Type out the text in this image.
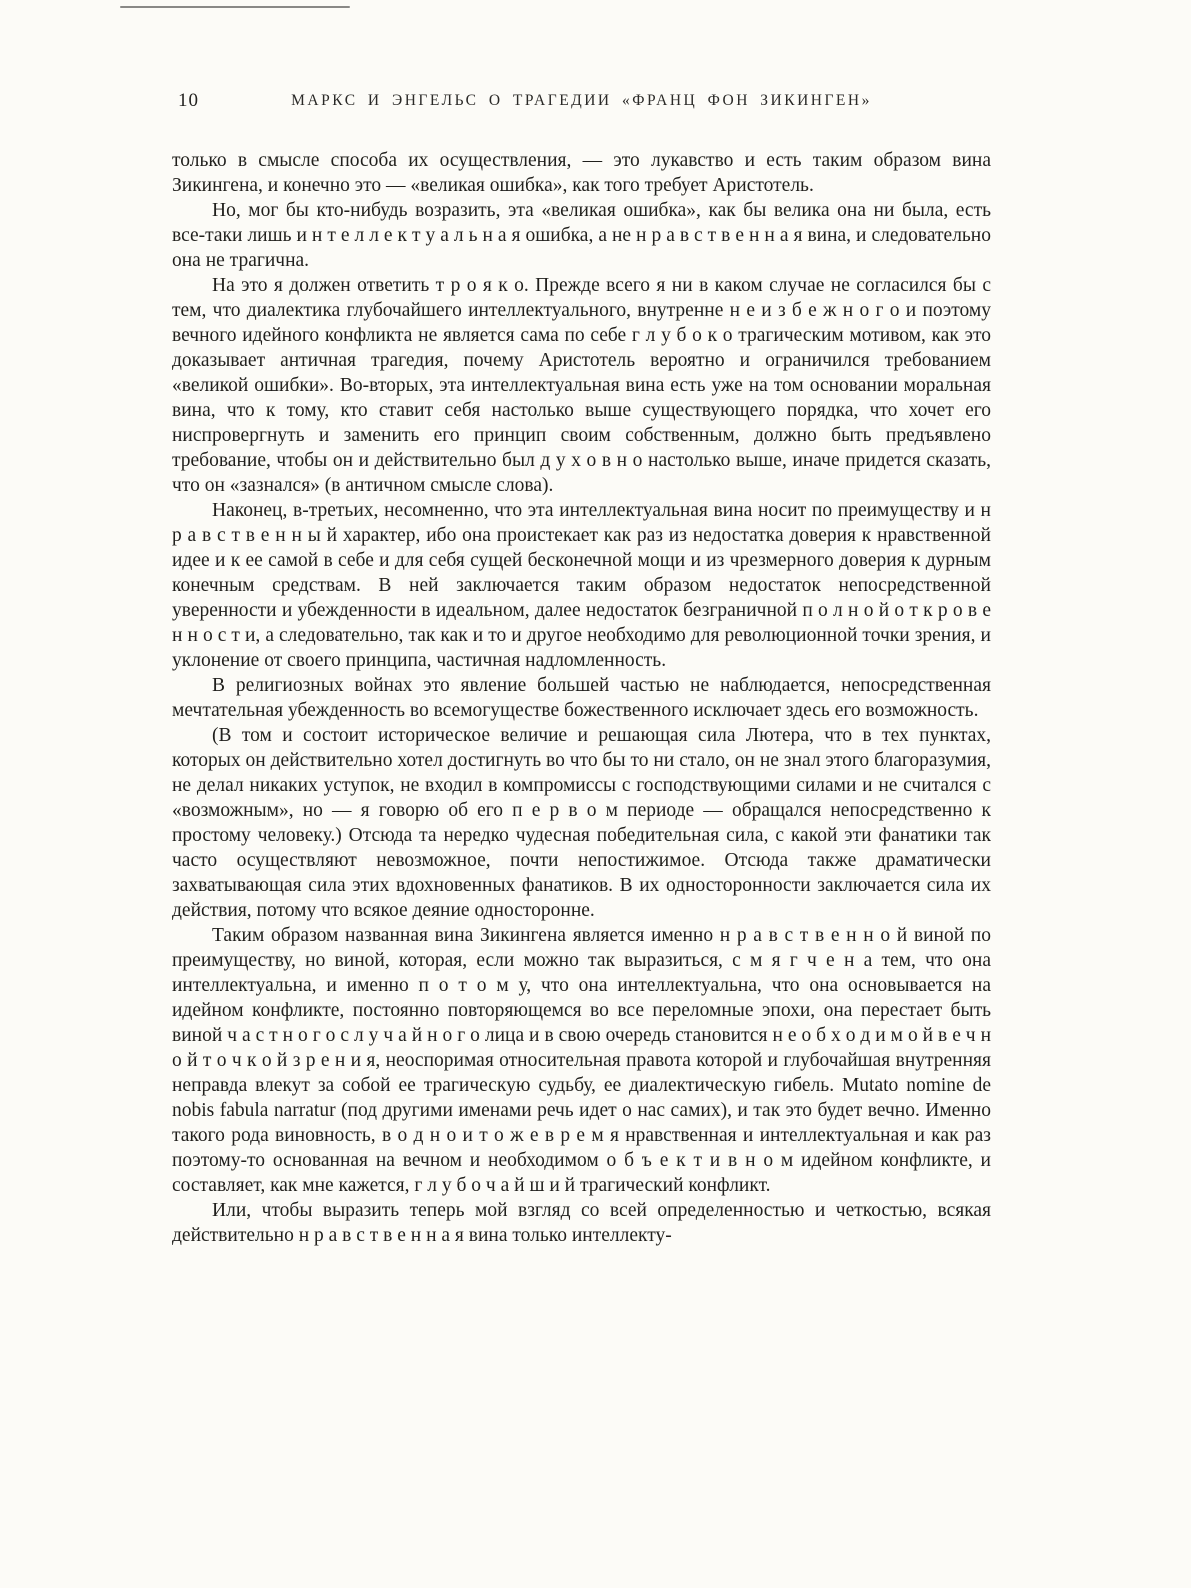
10	МАРКС И ЭНГЕЛЬС О ТРАГЕДИИ «ФРАНЦ ФОН ЗИКИНГЕН»

только в смысле способа их осуществления, — это лукавство и есть таким образом вина Зикингена, и конечно это — «великая ошибка», как того требует Аристотель.

Но, мог бы кто-нибудь возразить, эта «великая ошибка», как бы велика она ни была, есть все-таки лишь и н т е л л е к т у а л ь н а я ошибка, а не н р а в с т в е н н а я вина, и следовательно она не трагична.

На это я должен ответить т р о я к о. Прежде всего я ни в каком случае не согласился бы с тем, что диалектика глубочайшего интеллектуального, внутренне н е и з б е ж н о г о и поэтому вечного идейного конфликта не является сама по себе г л у б о к о трагическим мотивом, как это доказывает античная трагедия, почему Аристотель вероятно и ограничился требованием «великой ошибки». Во-вторых, эта интеллектуальная вина есть уже на том основании моральная вина, что к тому, кто ставит себя настолько выше существующего порядка, что хочет его ниспровергнуть и заменить его принцип своим собственным, должно быть предъявлено требование, чтобы он и действительно был д у х о в н о настолько выше, иначе придется сказать, что он «зазнался» (в античном смысле слова).

Наконец, в-третьих, несомненно, что эта интеллектуальная вина носит по преимуществу и н р а в с т в е н н ы й характер, ибо она проистекает как раз из недостатка доверия к нравственной идее и к ее самой в себе и для себя сущей бесконечной мощи и из чрезмерного доверия к дурным конечным средствам. В ней заключается таким образом недостаток непосредственной уверенности и убежденности в идеальном, далее недостаток безграничной п о л н о й о т к р о в е н н о с т и, а следовательно, так как и то и другое необходимо для революционной точки зрения, и уклонение от своего принципа, частичная надломленность.

В религиозных войнах это явление большей частью не наблюдается, непосредственная мечтательная убежденность во всемогуществе божественного исключает здесь его возможность.

(В том и состоит историческое величие и решающая сила Лютера, что в тех пунктах, которых он действительно хотел достигнуть во что бы то ни стало, он не знал этого благоразумия, не делал никаких уступок, не входил в компромиссы с господствующими силами и не считался с «возможным», но — я говорю об его п е р в о м периоде — обращался непосредственно к простому человеку.) Отсюда та нередко чудесная победительная сила, с какой эти фанатики так часто осуществляют невозможное, почти непостижимое. Отсюда также драматически захватывающая сила этих вдохновенных фанатиков. В их односторонности заключается сила их действия, потому что всякое деяние односторонне.

Таким образом названная вина Зикингена является именно н р а в с т в е н н о й виной по преимуществу, но виной, которая, если можно так выразиться, с м я г ч е н а тем, что она интеллектуальна, и именно п о т о м у, что она интеллектуальна, что она основывается на идейном конфликте, постоянно повторяющемся во все переломные эпохи, она перестает быть виной ч а с т н о г о с л у ч а й н о г о лица и в свою очередь становится н е о б х о д и м о й в е ч н о й т о ч к о й з р е н и я, неоспоримая относительная правота которой и глубочайшая внутренняя неправда влекут за собой ее трагическую судьбу, ее диалектическую гибель. Mutato nomine de nobis fabula narratur (под другими именами речь идет о нас самих), и так это будет вечно. Именно такого рода виновность, в о д н о и т о ж е в р е м я нравственная и интеллектуальная и как раз поэтому-то основанная на вечном и необходимом о б ъ е к т и в н о м идейном конфликте, и составляет, как мне кажется, г л у б о ч а й ш и й трагический конфликт.

Или, чтобы выразить теперь мой взгляд со всей определенностью и четкостью, всякая действительно н р а в с т в е н н а я вина только интеллекту-
